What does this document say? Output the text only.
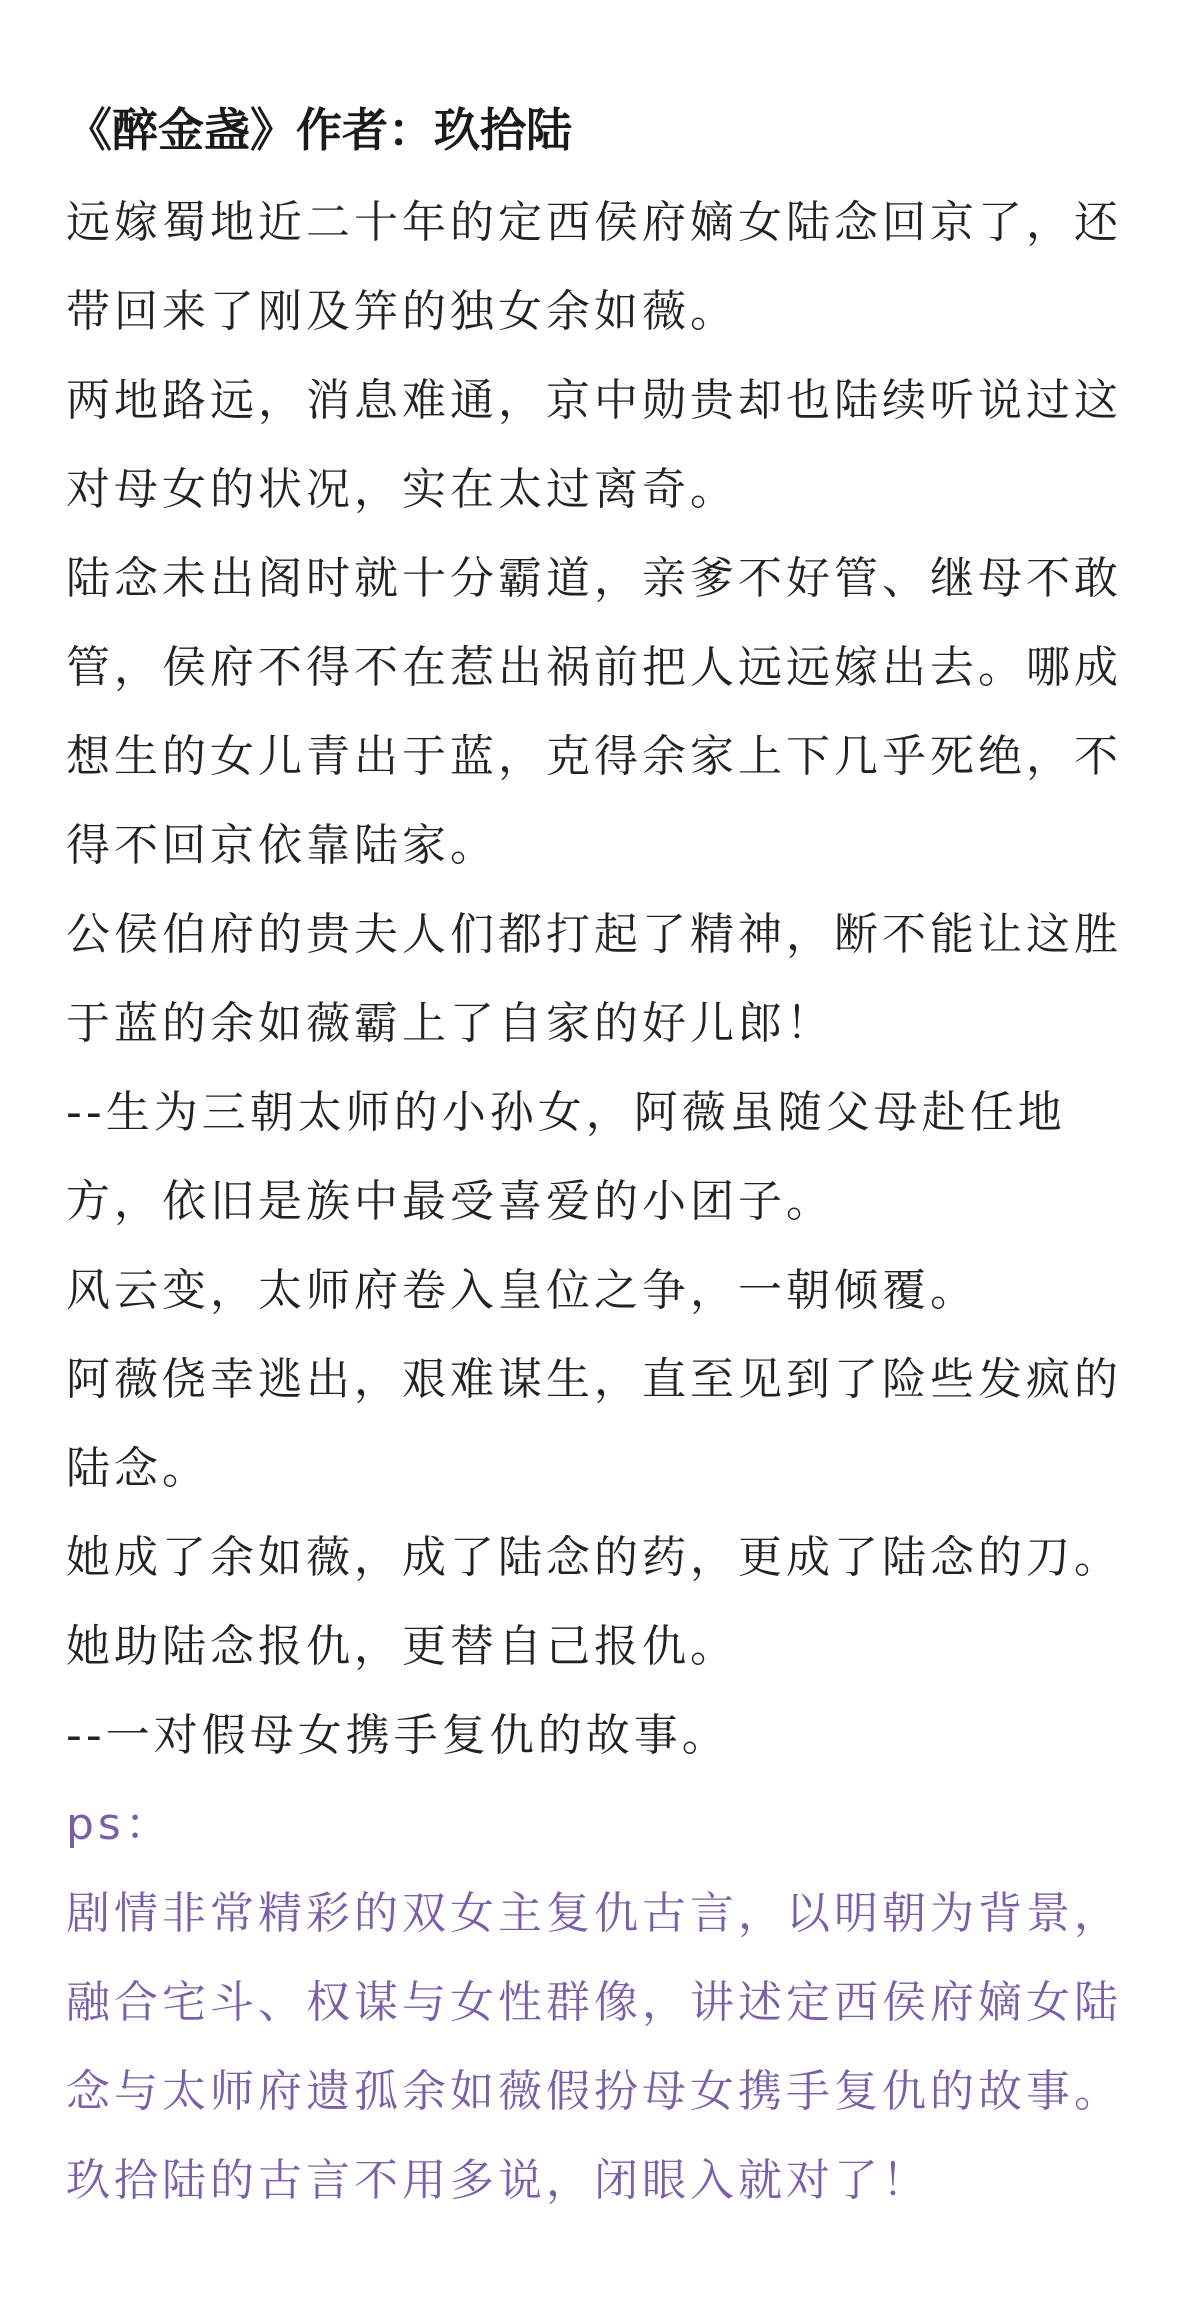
《醉金盏》作者：玖拾陆

远嫁蜀地近二十年的定西侯府嫡女陆念回京了，还带回来了刚及笄的独女余如薇。

两地路远，消息难通，京中勋贵却也陆续听说过这对母女的状况，实在太过离奇。

陆念未出阁时就十分霸道，亲爹不好管、继母不敢管，侯府不得不在惹出祸前把人远远嫁出去。哪成想生的女儿青出于蓝，克得余家上下几乎死绝，不得不回京依靠陆家。

公侯伯府的贵夫人们都打起了精神，断不能让这胜于蓝的余如薇霸上了自家的好儿郎！

--生为三朝太师的小孙女，阿薇虽随父母赴任地方，依旧是族中最受喜爱的小团子。

风云变，太师府卷入皇位之争，一朝倾覆。

阿薇侥幸逃出，艰难谋生，直至见到了险些发疯的陆念。

她成了余如薇，成了陆念的药，更成了陆念的刀。

她助陆念报仇，更替自己报仇。

--一对假母女携手复仇的故事。

ps：

剧情非常精彩的双女主复仇古言，以明朝为背景，融合宅斗、权谋与女性群像，讲述定西侯府嫡女陆念与太师府遗孤余如薇假扮母女携手复仇的故事。

玖拾陆的古言不用多说，闭眼入就对了！
